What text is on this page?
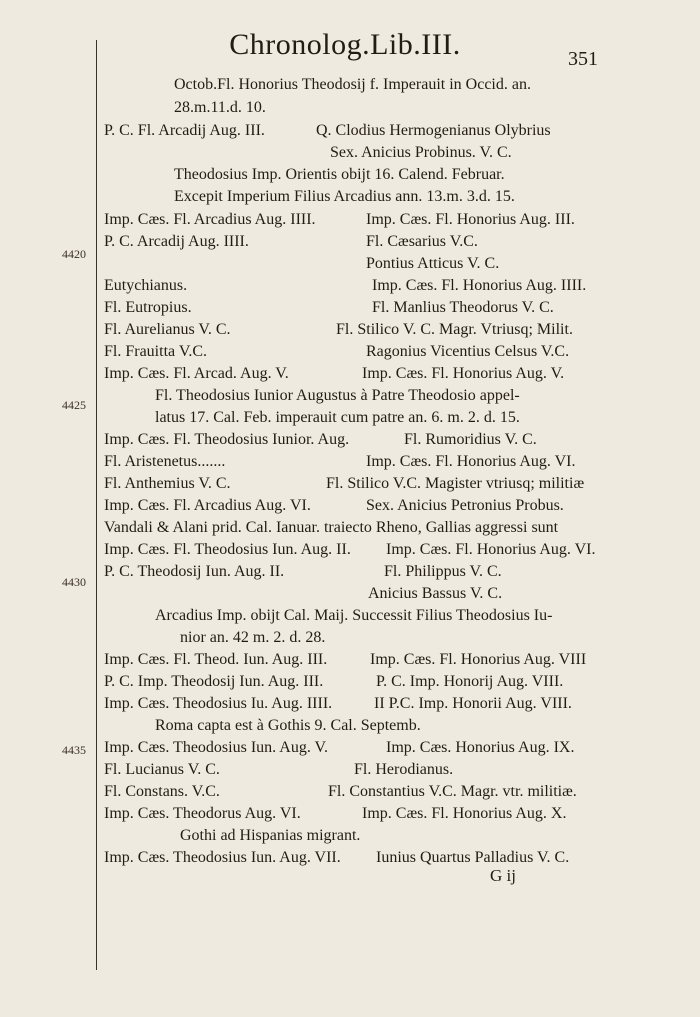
Chronolog.Lib.III.	351
4420
4425
4430
4435
Octob.Fl. Honorius Theodosij f. Imperauit in Occid. an.
28.m.11.d. 10.
P. C. Fl. Arcadij Aug. III.	Q. Clodius Hermogenianus Olybrius
Sex. Anicius Probinus. V. C.
Theodosius Imp. Orientis obijt 16. Calend. Februar.
Excepit Imperium Filius Arcadius ann. 13.m. 3.d. 15.
Imp. Cæs. Fl. Arcadius Aug. IIII.	Imp. Cæs. Fl. Honorius Aug. III.
P. C. Arcadij Aug. IIII.	Fl. Cæsarius V.C.
Pontius Atticus V. C.
Eutychianus.	Imp. Cæs. Fl. Honorius Aug. IIII.
Fl. Eutropius.	Fl. Manlius Theodorus V. C.
Fl. Aurelianus V. C.	Fl. Stilico V. C. Magr. Vtriusq; Milit.
Fl. Frauitta V.C.	Ragonius Vicentius Celsus V.C.
Imp. Cæs. Fl. Arcad. Aug. V.	Imp. Cæs. Fl. Honorius Aug. V.
Fl. Theodosius Iunior Augustus à Patre Theodosio appel-
latus 17. Cal. Feb. imperauit cum patre an. 6. m. 2. d. 15.
Imp. Cæs. Fl. Theodosius Iunior. Aug.	Fl. Rumoridius V. C.
Fl. Aristenetus.......	Imp. Cæs. Fl. Honorius Aug. VI.
Fl. Anthemius V. C.	Fl. Stilico V.C. Magister vtriusq; militiæ
Imp. Cæs. Fl. Arcadius Aug. VI.	Sex. Anicius Petronius Probus.
Vandali & Alani prid. Cal. Ianuar. traiecto Rheno, Gallias aggressi sunt
Imp. Cæs. Fl. Theodosius Iun. Aug. II. Imp. Cæs. Fl. Honorius Aug. VI.
P. C. Theodosij Iun. Aug. II.	Fl. Philippus V. C.
Anicius Bassus V. C.
Arcadius Imp. obijt Cal. Maij. Successit Filius Theodosius Iu-
nior an. 42 m. 2. d. 28.
Imp. Cæs. Fl. Theod. Iun. Aug. III.	Imp. Cæs. Fl. Honorius Aug. VIII
P. C. Imp. Theodosij Iun. Aug. III.	P. C. Imp. Honorij Aug. VIII.
Imp. Cæs. Theodosius Iu. Aug. IIII.	II P.C. Imp. Honorii Aug. VIII.
Roma capta est à Gothis 9. Cal. Septemb.
Imp. Cæs. Theodosius Iun. Aug. V.	Imp. Cæs. Honorius Aug. IX.
Fl. Lucianus V. C.	Fl. Herodianus.
Fl. Constans. V.C.	Fl. Constantius V.C. Magr. vtr. militiæ.
Imp. Cæs. Theodorus Aug. VI.	Imp. Cæs. Fl. Honorius Aug. X.
Gothi ad Hispanias migrant.
Imp. Cæs. Theodosius Iun. Aug. VII. Iunius Quartus Palladius V. C.
G ij
